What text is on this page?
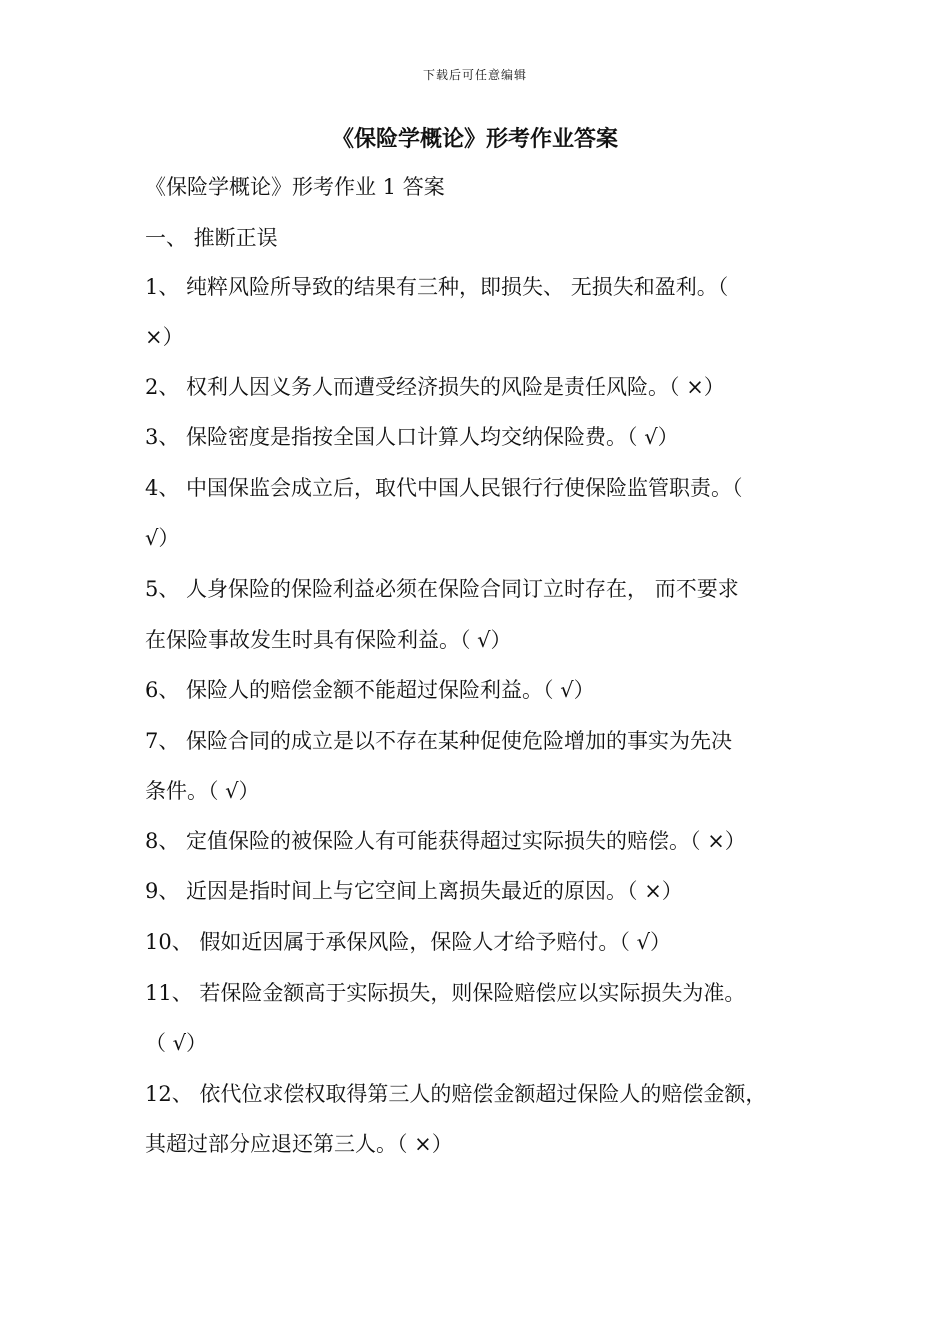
下载后可任意编辑
《保险学概论》形考作业答案
《保险学概论》形考作业 1 答案
一、 推断正误
1、 纯粹风险所导致的结果有三种，即损失、 无损失和盈利。（
×）
2、 权利人因义务人而遭受经济损失的风险是责任风险。（ ×）
3、 保险密度是指按全国人口计算人均交纳保险费。（ √）
4、 中国保监会成立后，取代中国人民银行行使保险监管职责。（
√）
5、 人身保险的保险利益必须在保险合同订立时存在， 而不要求
在保险事故发生时具有保险利益。（ √）
6、 保险人的赔偿金额不能超过保险利益。（ √）
7、 保险合同的成立是以不存在某种促使危险增加的事实为先决
条件。（ √）
8、 定值保险的被保险人有可能获得超过实际损失的赔偿。（ ×）
9、 近因是指时间上与它空间上离损失最近的原因。（ ×）
10、 假如近因属于承保风险，保险人才给予赔付。（ √）
11、 若保险金额高于实际损失，则保险赔偿应以实际损失为准。
（ √）
12、 依代位求偿权取得第三人的赔偿金额超过保险人的赔偿金额，
其超过部分应退还第三人。（ ×）
